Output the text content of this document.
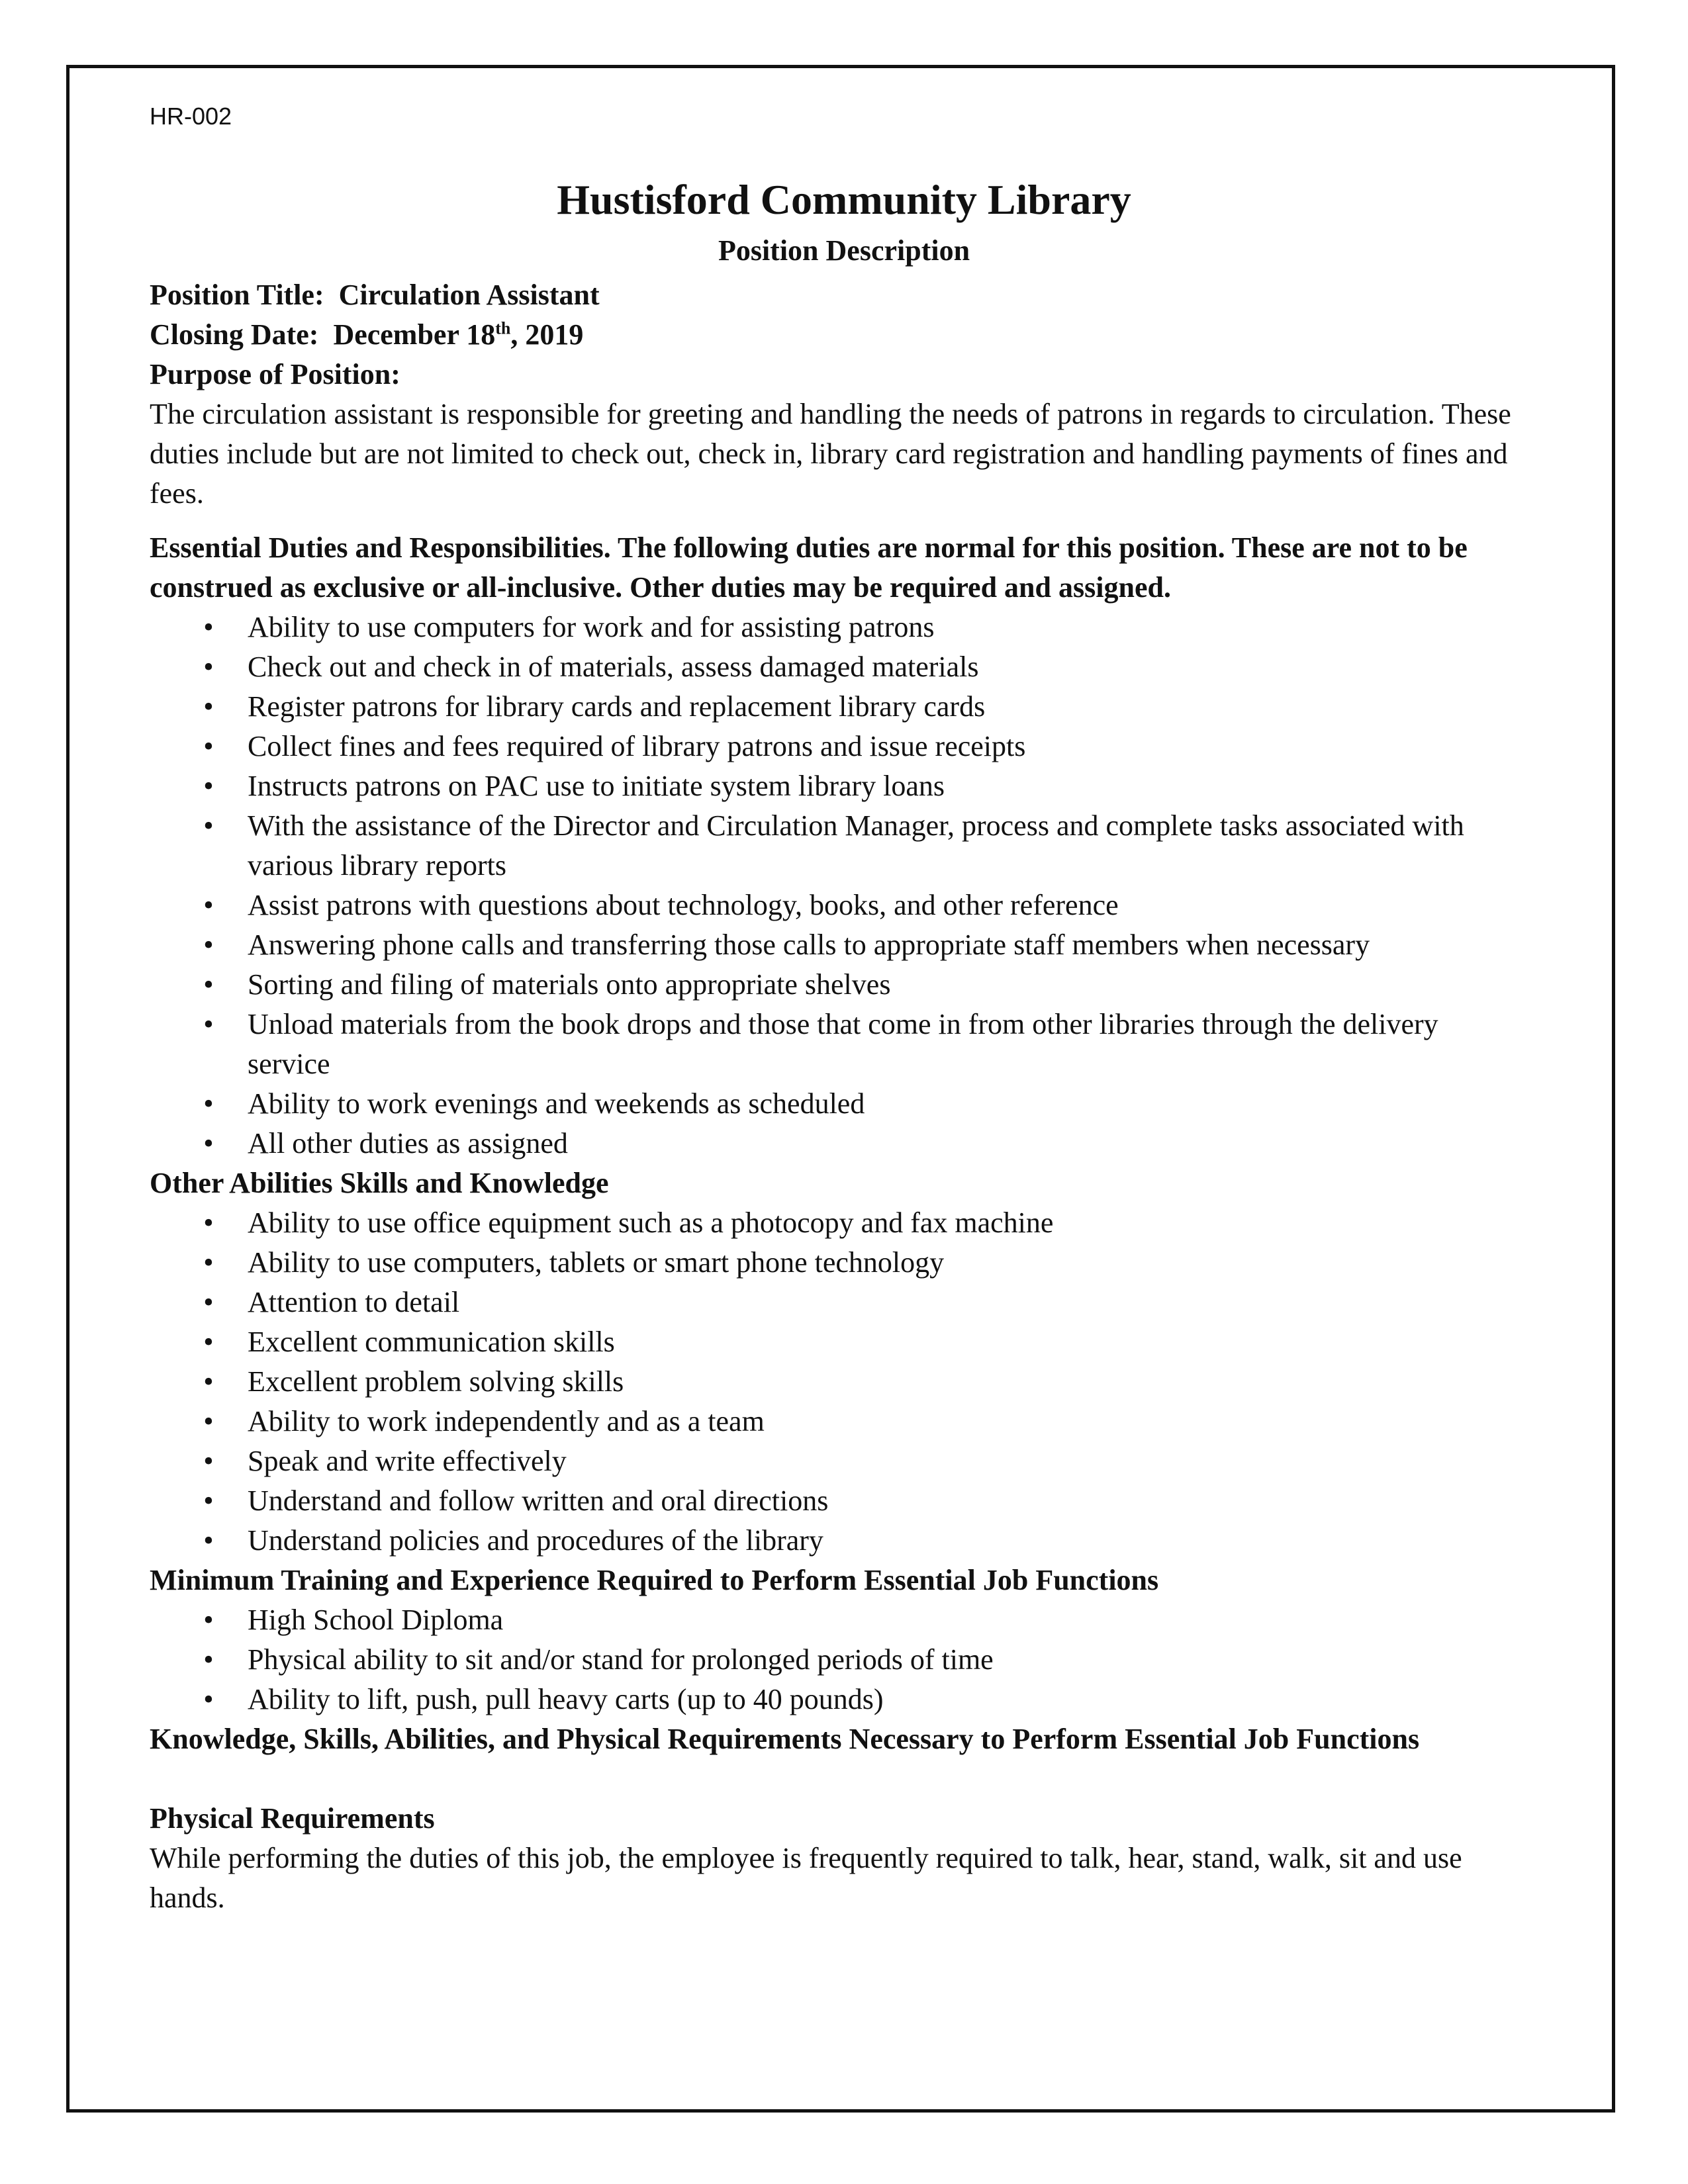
HR-002
Hustisford Community Library
Position Description

Position Title: Circulation Assistant

Closing Date: December 18th, 2019

Purpose of Position:

The circulation assistant is responsible for greeting and handling the needs of patrons in regards to circulation. These duties include but are not limited to check out, check in, library card registration and handling payments of fines and fees.

Essential Duties and Responsibilities. The following duties are normal for this position. These are not to be construed as exclusive or all-inclusive. Other duties may be required and assigned.

• Ability to use computers for work and for assisting patrons
• Check out and check in of materials, assess damaged materials
• Register patrons for library cards and replacement library cards
• Collect fines and fees required of library patrons and issue receipts
• Instructs patrons on PAC use to initiate system library loans
• With the assistance of the Director and Circulation Manager, process and complete tasks associated with various library reports
• Assist patrons with questions about technology, books, and other reference
• Answering phone calls and transferring those calls to appropriate staff members when necessary
• Sorting and filing of materials onto appropriate shelves
• Unload materials from the book drops and those that come in from other libraries through the delivery service
• Ability to work evenings and weekends as scheduled
• All other duties as assigned

Other Abilities Skills and Knowledge

• Ability to use office equipment such as a photocopy and fax machine
• Ability to use computers, tablets or smart phone technology
• Attention to detail
• Excellent communication skills
• Excellent problem solving skills
• Ability to work independently and as a team
• Speak and write effectively
• Understand and follow written and oral directions
• Understand policies and procedures of the library

Minimum Training and Experience Required to Perform Essential Job Functions

• High School Diploma
• Physical ability to sit and/or stand for prolonged periods of time
• Ability to lift, push, pull heavy carts (up to 40 pounds)

Knowledge, Skills, Abilities, and Physical Requirements Necessary to Perform Essential Job Functions

Physical Requirements

While performing the duties of this job, the employee is frequently required to talk, hear, stand, walk, sit and use hands.
